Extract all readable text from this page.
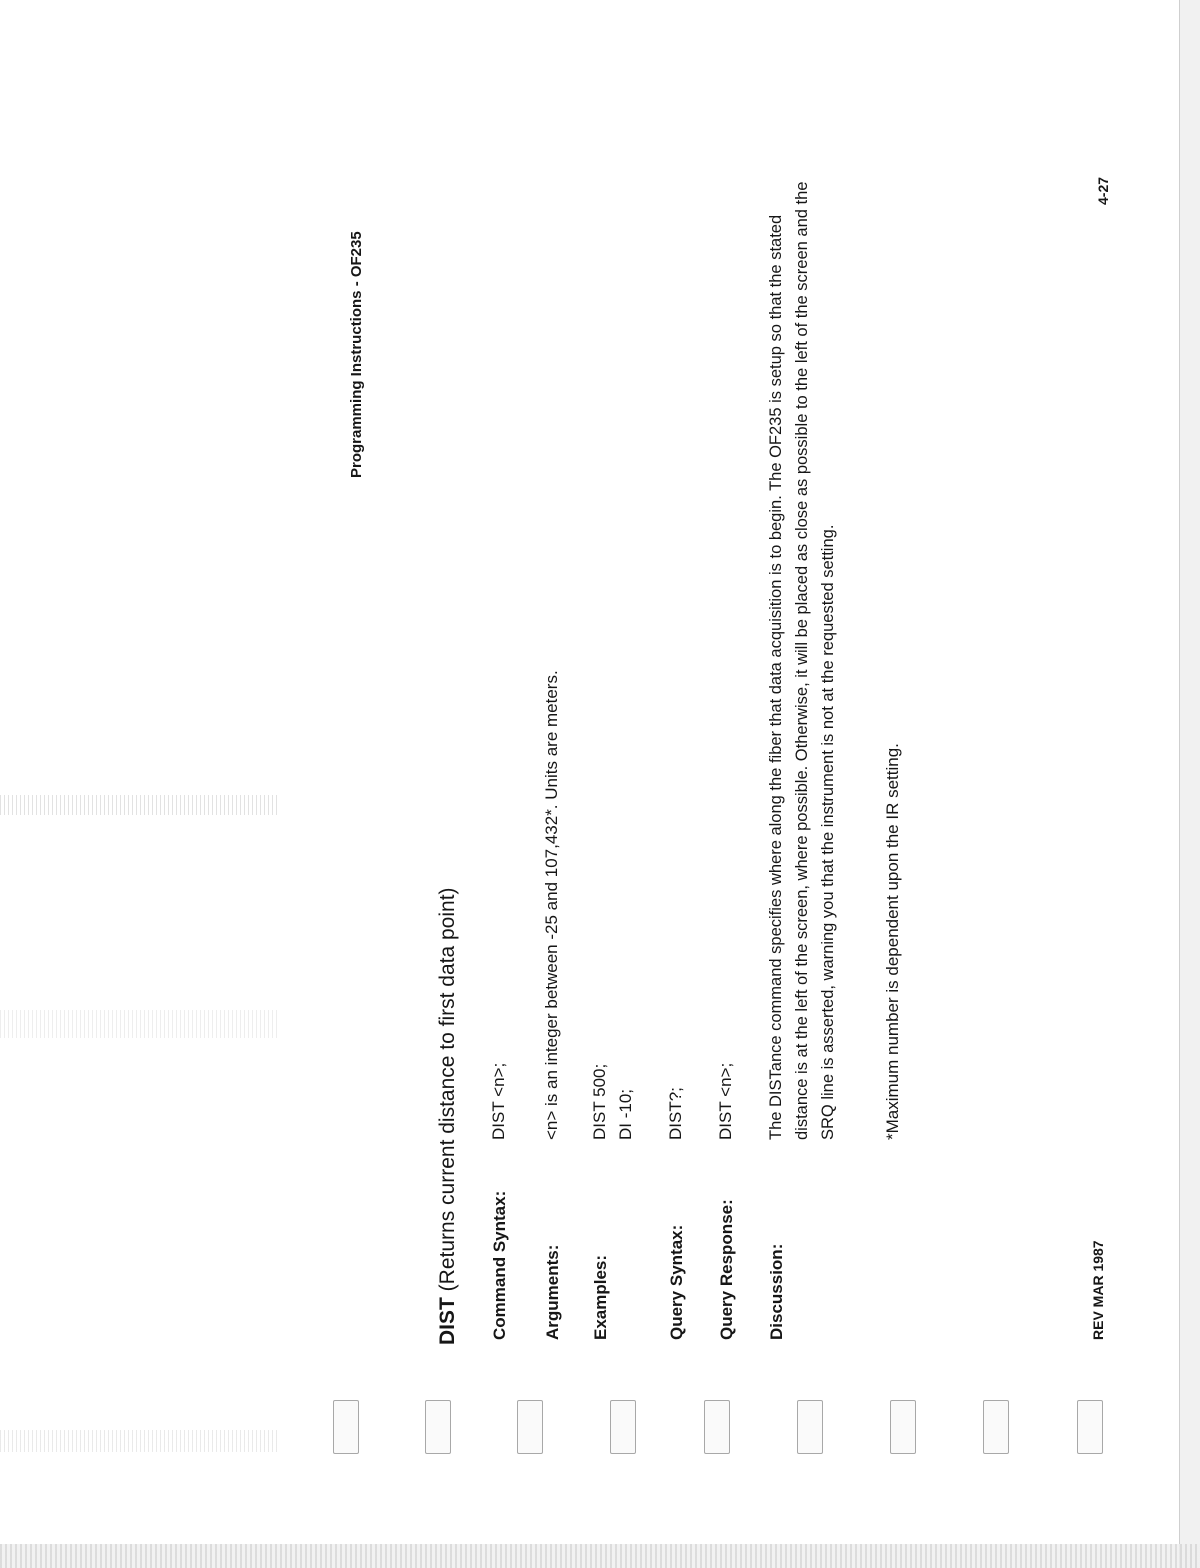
Programming Instructions - OF235
DIST (Returns current distance to first data point) Command Syntax:
DIST <n>;
Arguments:
<n> is an integer between -25 and 107,432*. Units are meters.
Examples:
DIST 500; DI -10;
Query Syntax:
DIST?;
Query Response:
DIST <n>;
Discussion:
The DISTance command specifies where along the fiber that data acquisition is to begin. The OF235 is setup so that the stated distance is at the left of the screen, where possible. Otherwise, it will be placed as close as possible to the left of the screen and the SRQ line is asserted, warning you that the instrument is not at the requested setting.	*Maximum number is dependent upon the IR setting.
REV MAR 1987
4-27
